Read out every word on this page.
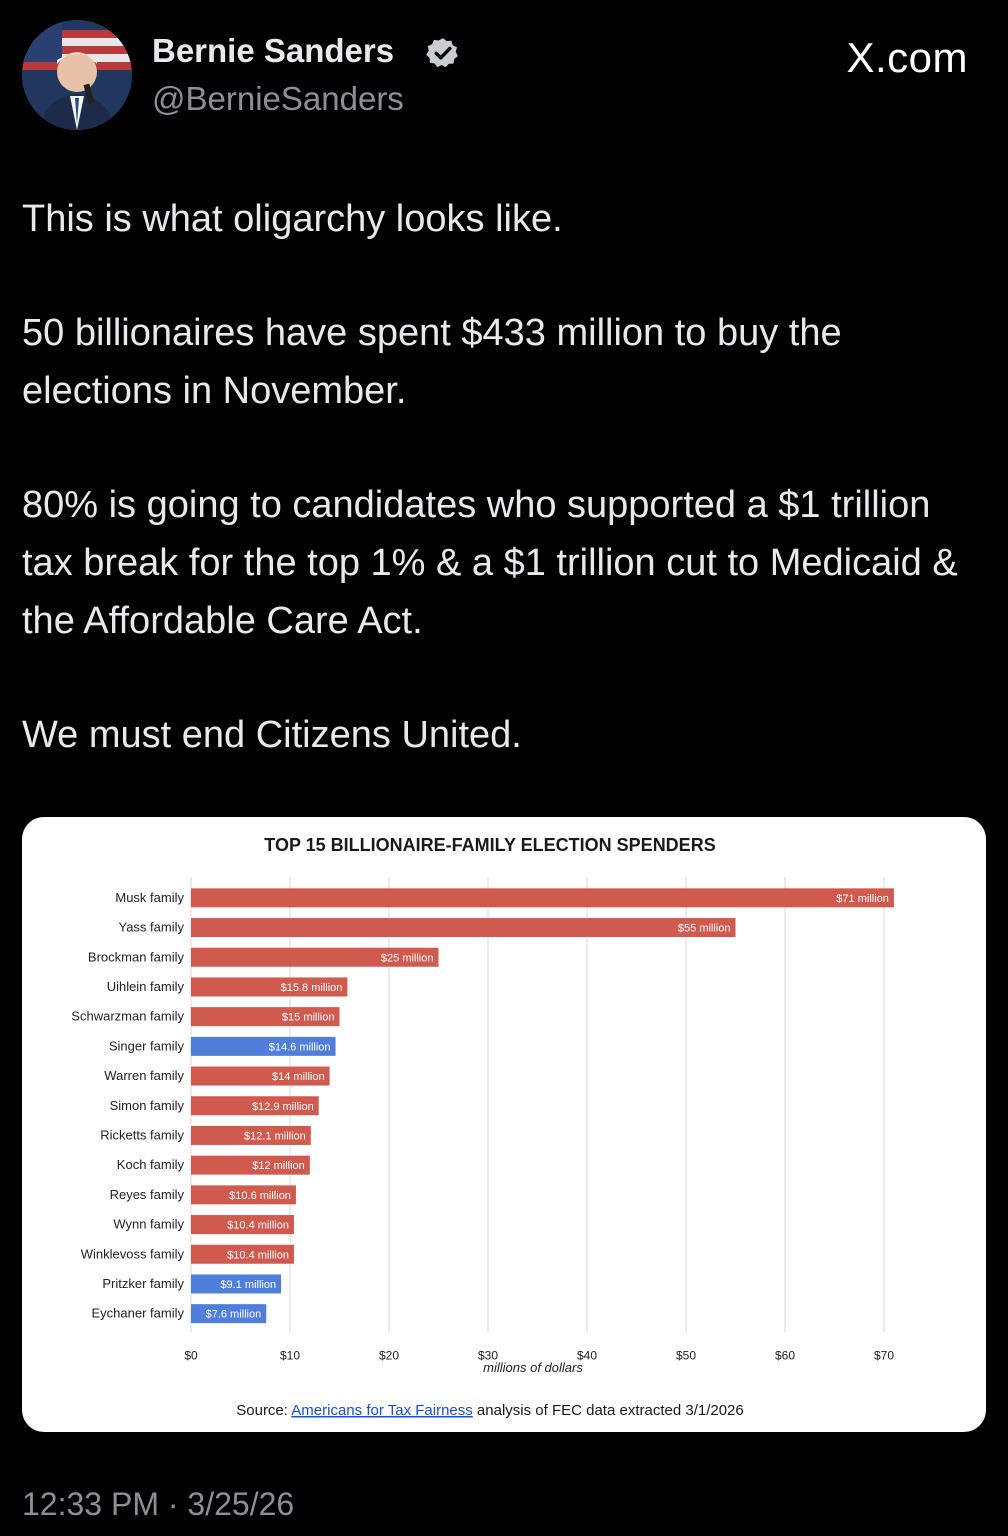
Bernie Sanders
@BernieSanders
X.com

This is what oligarchy looks like.

50 billionaires have spent $433 million to buy the elections in November.

80% is going to candidates who supported a $1 trillion tax break for the top 1% & a $1 trillion cut to Medicaid & the Affordable Care Act.

We must end Citizens United.

TOP 15 BILLIONAIRE-FAMILY ELECTION SPENDERS
$71 million
Musk family
$55 million
Yass family
$25 million
Brockman family
$15.8 million
Uihlein family
$15 million
Schwarzman family
$14.6 million
Singer family
$14 million
Warren family
$12.9 million
Simon family
$12.1 million
Ricketts family
$12 million
Koch family
$10.6 million
Reyes family
$10.4 million
Wynn family
$10.4 million
Winklevoss family
$9.1 million
Pritzker family
$7.6 million
Eychaner family
$0	$10	$20	$30	$40	$50	$60	$70
millions of dollars
Source: Americans for Tax Fairness analysis of FEC data extracted 3/1/2026
12:33 PM · 3/25/26
